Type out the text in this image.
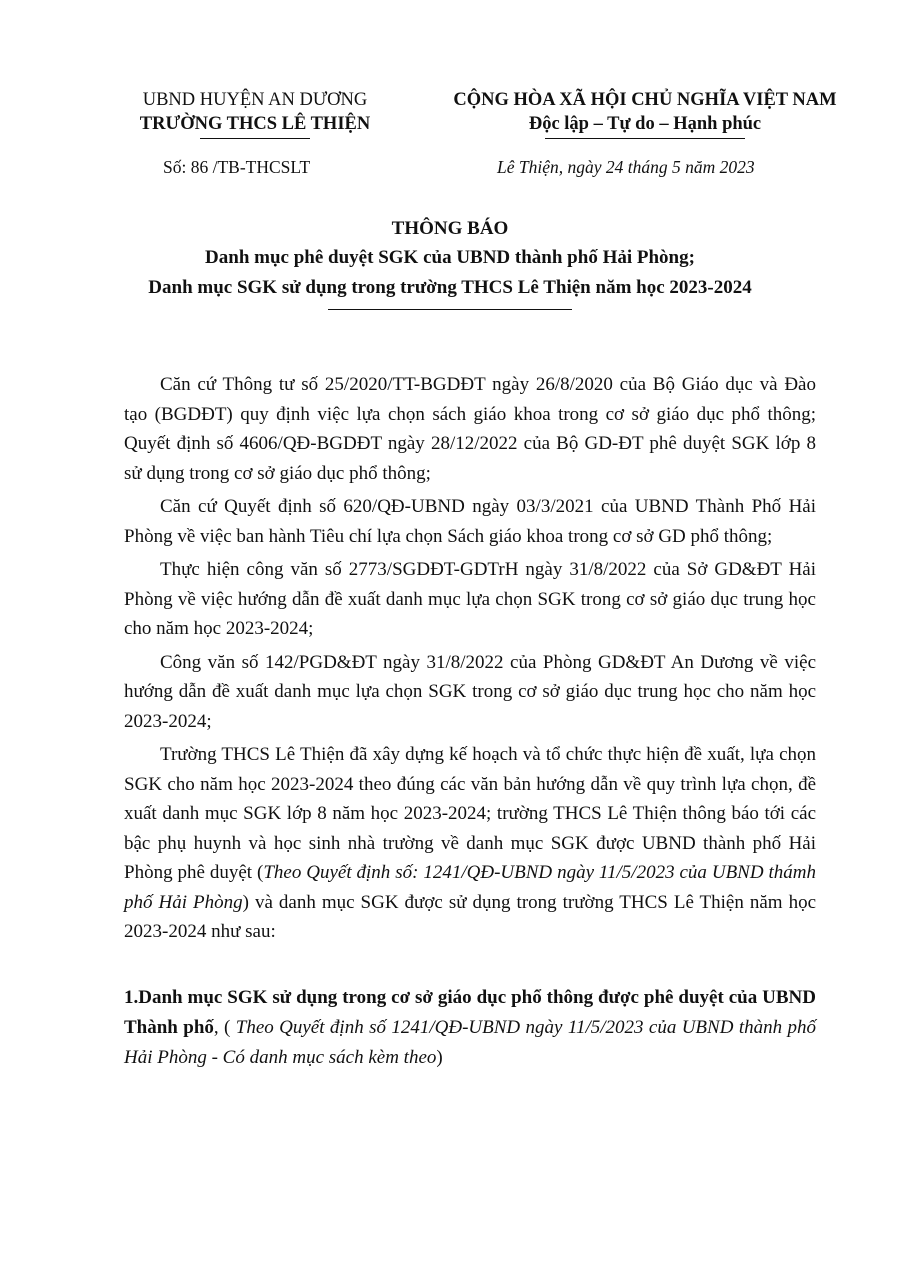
UBND HUYỆN AN DƯƠNG
TRƯỜNG THCS LÊ THIỆN
CỘNG HÒA XÃ HỘI CHỦ NGHĨA VIỆT NAM
Độc lập – Tự do – Hạnh phúc
Số: 86 /TB-THCSLT	Lê Thiện, ngày 24 tháng 5 năm 2023
THÔNG BÁO
Danh mục phê duyệt SGK của UBND thành phố Hải Phòng;
Danh mục SGK sử dụng trong trường THCS Lê Thiện năm học 2023-2024

Căn cứ Thông tư số 25/2020/TT-BGDĐT ngày 26/8/2020 của Bộ Giáo dục và Đào tạo (BGDĐT) quy định việc lựa chọn sách giáo khoa trong cơ sở giáo dục phổ thông; Quyết định số 4606/QĐ-BGDĐT ngày 28/12/2022 của Bộ GD-ĐT phê duyệt SGK lớp 8 sử dụng trong cơ sở giáo dục phổ thông;

Căn cứ Quyết định số 620/QĐ-UBND ngày 03/3/2021 của UBND Thành Phố Hải Phòng về việc ban hành Tiêu chí lựa chọn Sách giáo khoa trong cơ sở GD phổ thông;

Thực hiện công văn số 2773/SGDĐT-GDTrH ngày 31/8/2022 của Sở GD&ĐT Hải Phòng về việc hướng dẫn đề xuất danh mục lựa chọn SGK trong cơ sở giáo dục trung học cho năm học 2023-2024;

Công văn số 142/PGD&ĐT ngày 31/8/2022 của Phòng GD&ĐT An Dương về việc hướng dẫn đề xuất danh mục lựa chọn SGK trong cơ sở giáo dục trung học cho năm học 2023-2024;

Trường THCS Lê Thiện đã xây dựng kế hoạch và tổ chức thực hiện đề xuất, lựa chọn SGK cho năm học 2023-2024 theo đúng các văn bản hướng dẫn về quy trình lựa chọn, đề xuất danh mục SGK lớp 8 năm học 2023-2024; trường THCS Lê Thiện thông báo tới các bậc phụ huynh và học sinh nhà trường về danh mục SGK được UBND thành phố Hải Phòng phê duyệt (Theo Quyết định số: 1241/QĐ-UBND ngày 11/5/2023 của UBND thámh phố Hải Phòng) và danh mục SGK được sử dụng trong trường THCS Lê Thiện năm học 2023-2024 như sau:

1.Danh mục SGK sử dụng trong cơ sở giáo dục phổ thông được phê duyệt của UBND Thành phố, ( Theo Quyết định số 1241/QĐ-UBND ngày 11/5/2023 của UBND thành phố Hải Phòng - Có danh mục sách kèm theo)
